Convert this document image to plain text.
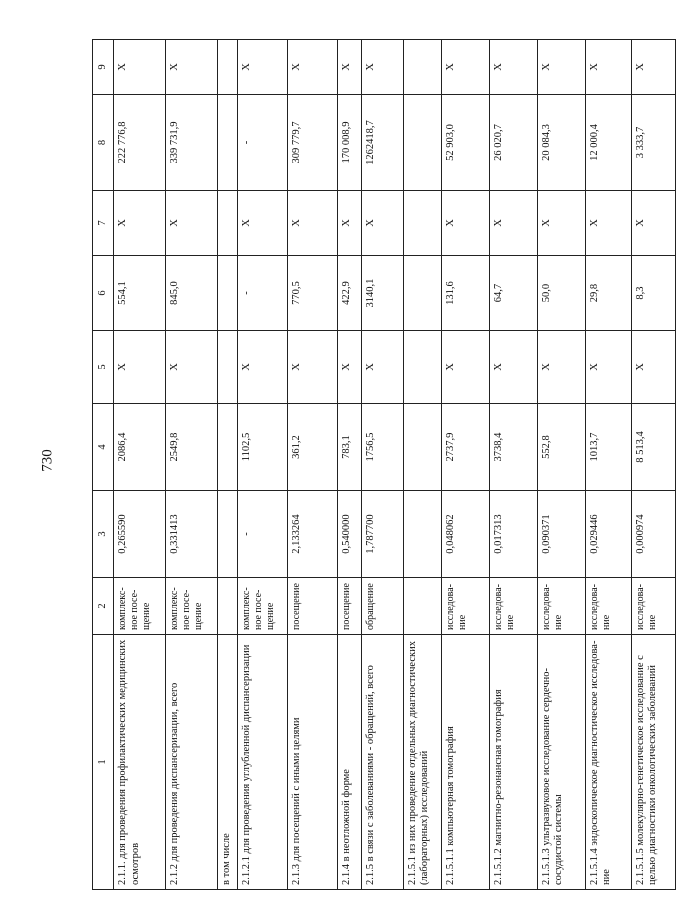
730
1	2	3	4	5	6	7	8	9
2.1.1. для проведения профилактических медицинских осмотров	комплекс-ное посе-щение	0,265590	2086,4	X	554,1	X	222 776,8	X
2.1.2 для проведения диспансеризации, всего	комплекс-ное посе-щение	0,331413	2549,8	X	845,0	X	339 731,9	X
в том числе								
2.1.2.1 для проведения углубленной диспансеризации	комплекс-ное посе-щение	-	1102,5	X	-	X	-	X
2.1.3 для посещений с иными целями	посещение	2,133264	361,2	X	770,5	X	309 779,7	X
2.1.4 в неотложной форме	посещение	0,540000	783,1	X	422,9	X	170 008,9	X
2.1.5 в связи с заболеваниями - обращений, всего	обращение	1,787700	1756,5	X	3140,1	X	1262418,7	X
2.1.5.1 из них проведение отдельных диагностических (лабораторных) исследований								
2.1.5.1.1 компьютерная томография	исследова-ние	0,048062	2737,9	X	131,6	X	52 903,0	X
2.1.5.1.2 магнитно-резонансная томография	исследова-ние	0,017313	3738,4	X	64,7	X	26 020,7	X
2.1.5.1.3 ультразвуковое исследование сердечно-сосудистой системы	исследова-ние	0,090371	552,8	X	50,0	X	20 084,3	X
2.1.5.1.4 эндоскопическое диагностическое исследова-ние	исследова-ние	0,029446	1013,7	X	29,8	X	12 000,4	X
2.1.5.1.5 молекулярно-генетическое исследование с целью диагностики онкологических заболеваний	исследова-ние	0,000974	8 513,4	X	8,3	X	3 333,7	X
